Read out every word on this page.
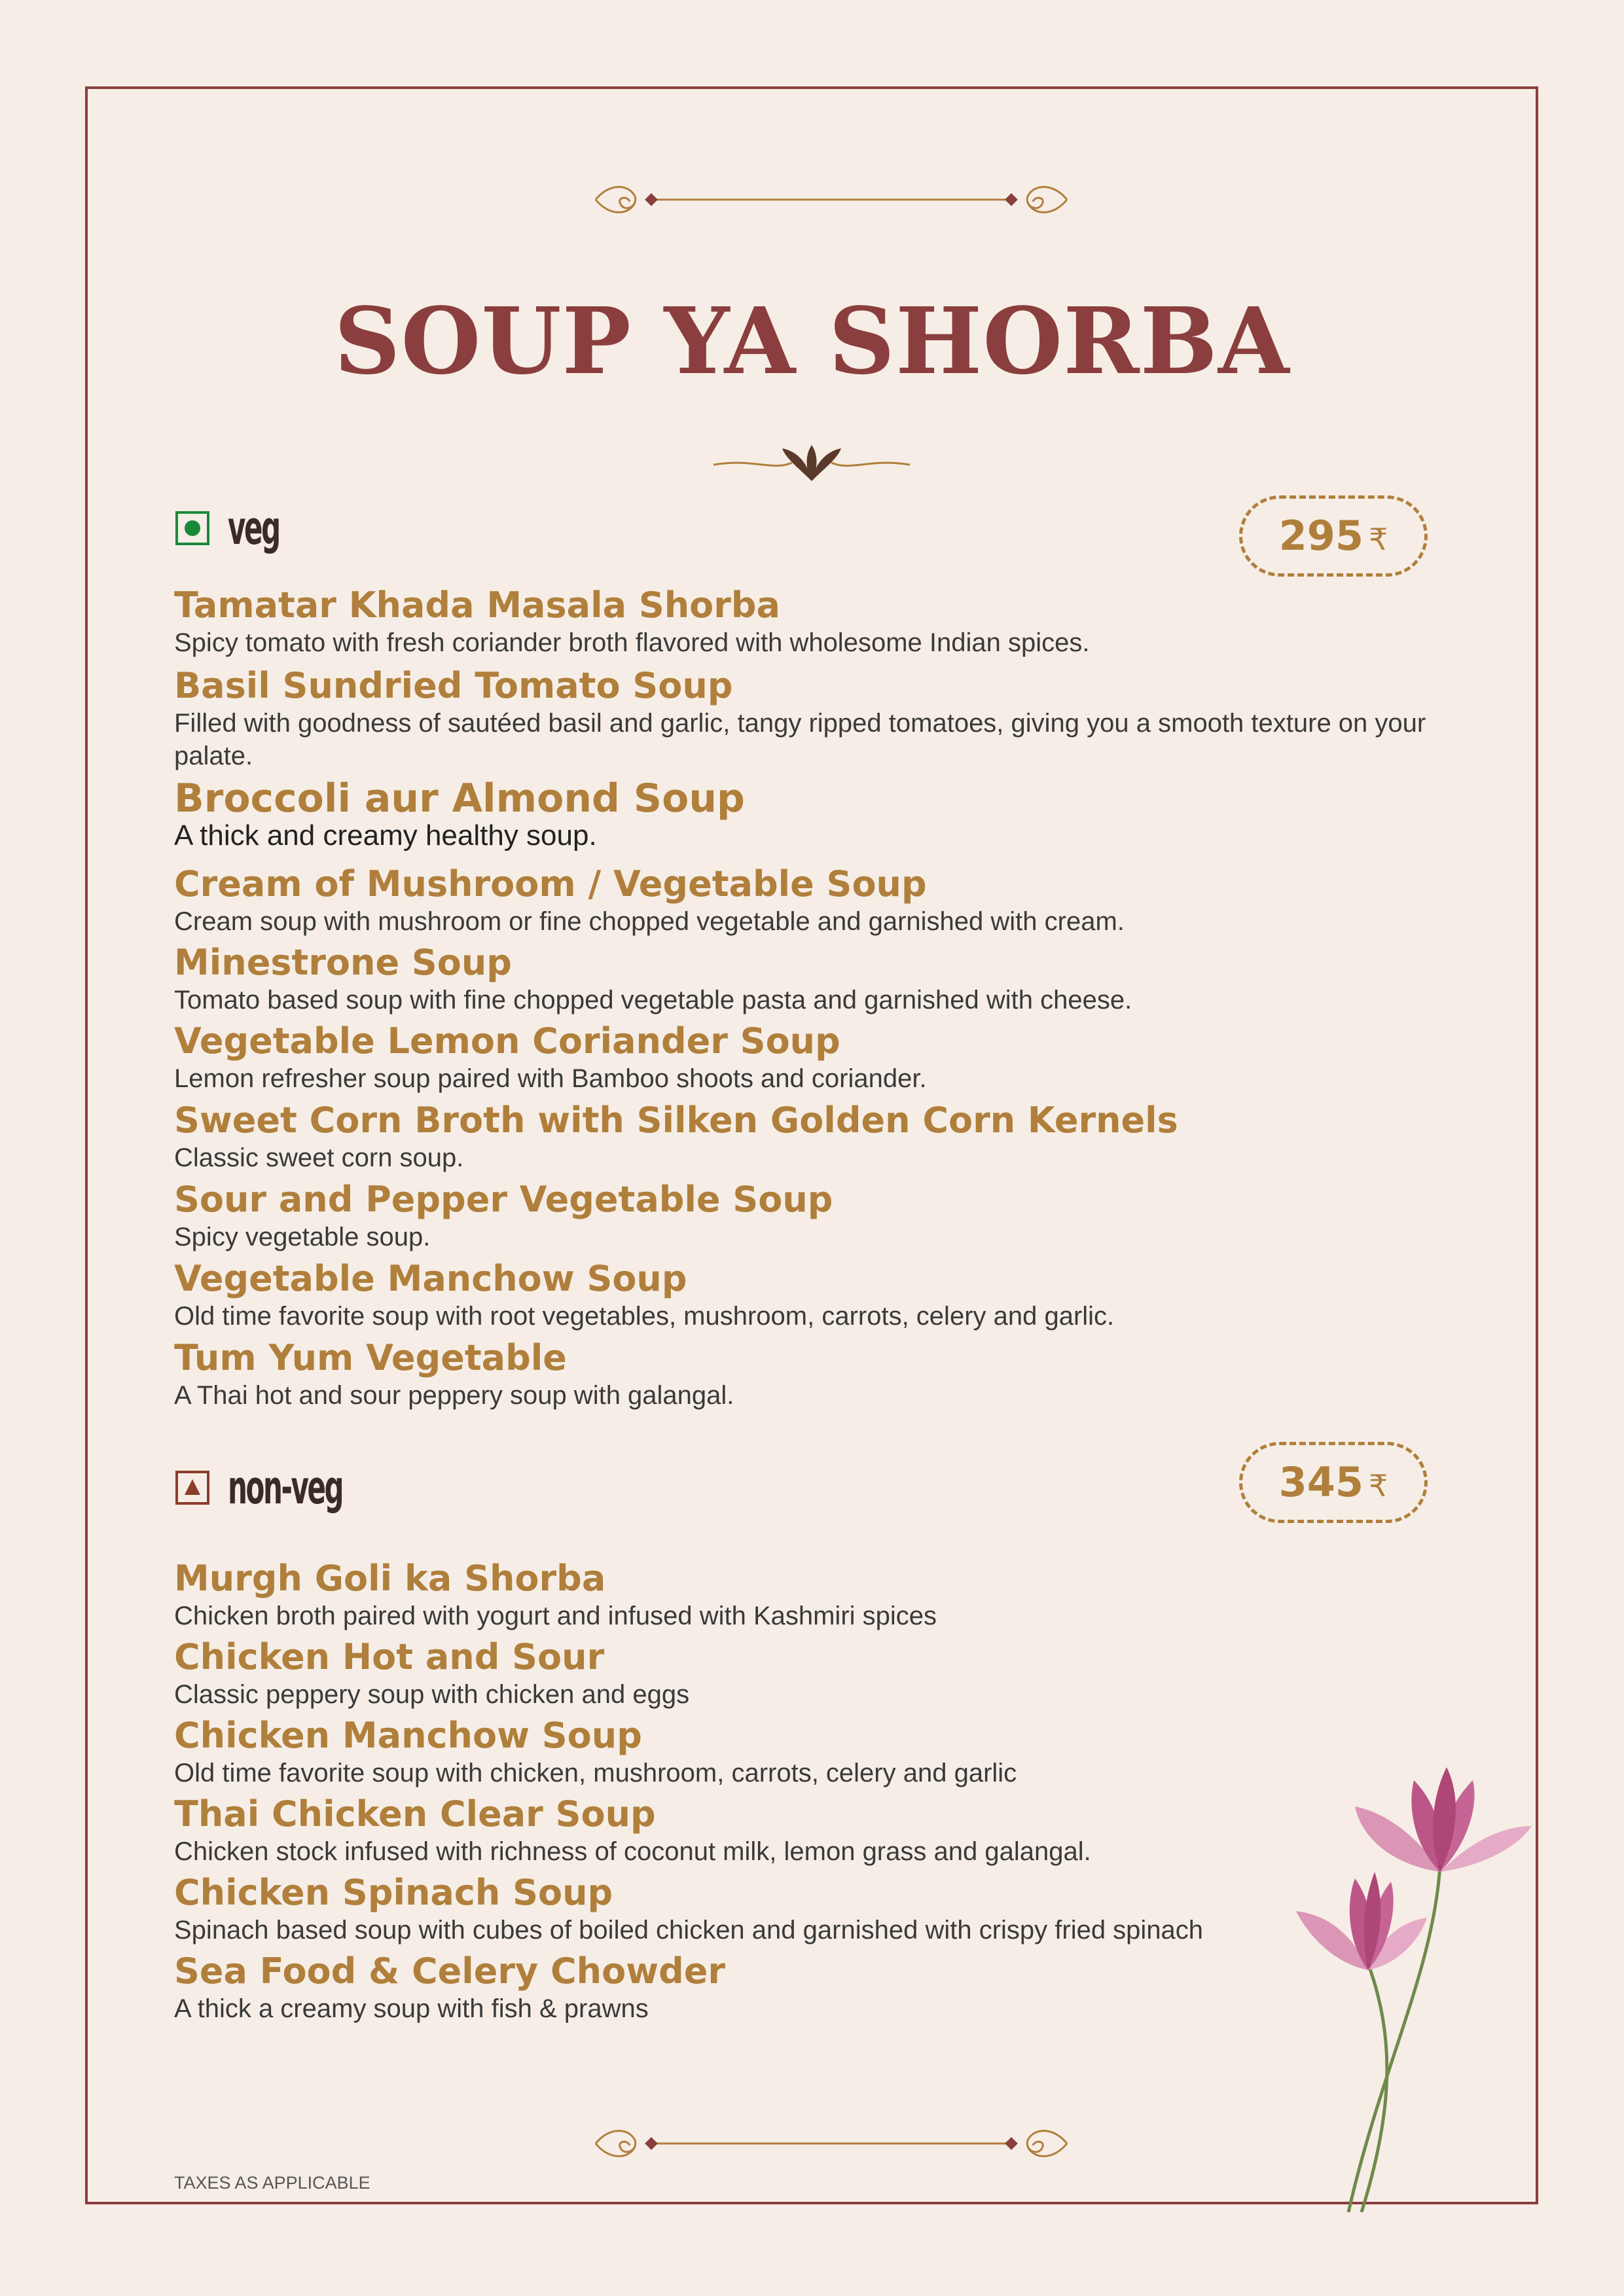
SOUP YA SHORBA
veg	295 ₹

Tamatar Khada Masala Shorba

Spicy tomato with fresh coriander broth flavored with wholesome Indian spices.

Basil Sundried Tomato Soup

Filled with goodness of sautéed basil and garlic, tangy ripped tomatoes, giving you a smooth texture on your palate.

Broccoli aur Almond Soup

A thick and creamy healthy soup.

Cream of Mushroom / Vegetable Soup

Cream soup with mushroom or fine chopped vegetable and garnished with cream.

Minestrone Soup

Tomato based soup with fine chopped vegetable pasta and garnished with cheese.

Vegetable Lemon Coriander Soup

Lemon refresher soup paired with Bamboo shoots and coriander.

Sweet Corn Broth with Silken Golden Corn Kernels

Classic sweet corn soup.

Sour and Pepper Vegetable Soup

Spicy vegetable soup.

Vegetable Manchow Soup

Old time favorite soup with root vegetables, mushroom, carrots, celery and garlic.

Tum Yum Vegetable

A Thai hot and sour peppery soup with galangal.

non-veg	345 ₹

Murgh Goli ka Shorba

Chicken broth paired with yogurt and infused with Kashmiri spices

Chicken Hot and Sour

Classic peppery soup with chicken and eggs

Chicken Manchow Soup

Old time favorite soup with chicken, mushroom, carrots, celery and garlic

Thai Chicken Clear Soup

Chicken stock infused with richness of coconut milk, lemon grass and galangal.

Chicken Spinach Soup

Spinach based soup with cubes of boiled chicken and garnished with crispy fried spinach

Sea Food & Celery Chowder

A thick a creamy soup with fish & prawns

TAXES AS APPLICABLE
